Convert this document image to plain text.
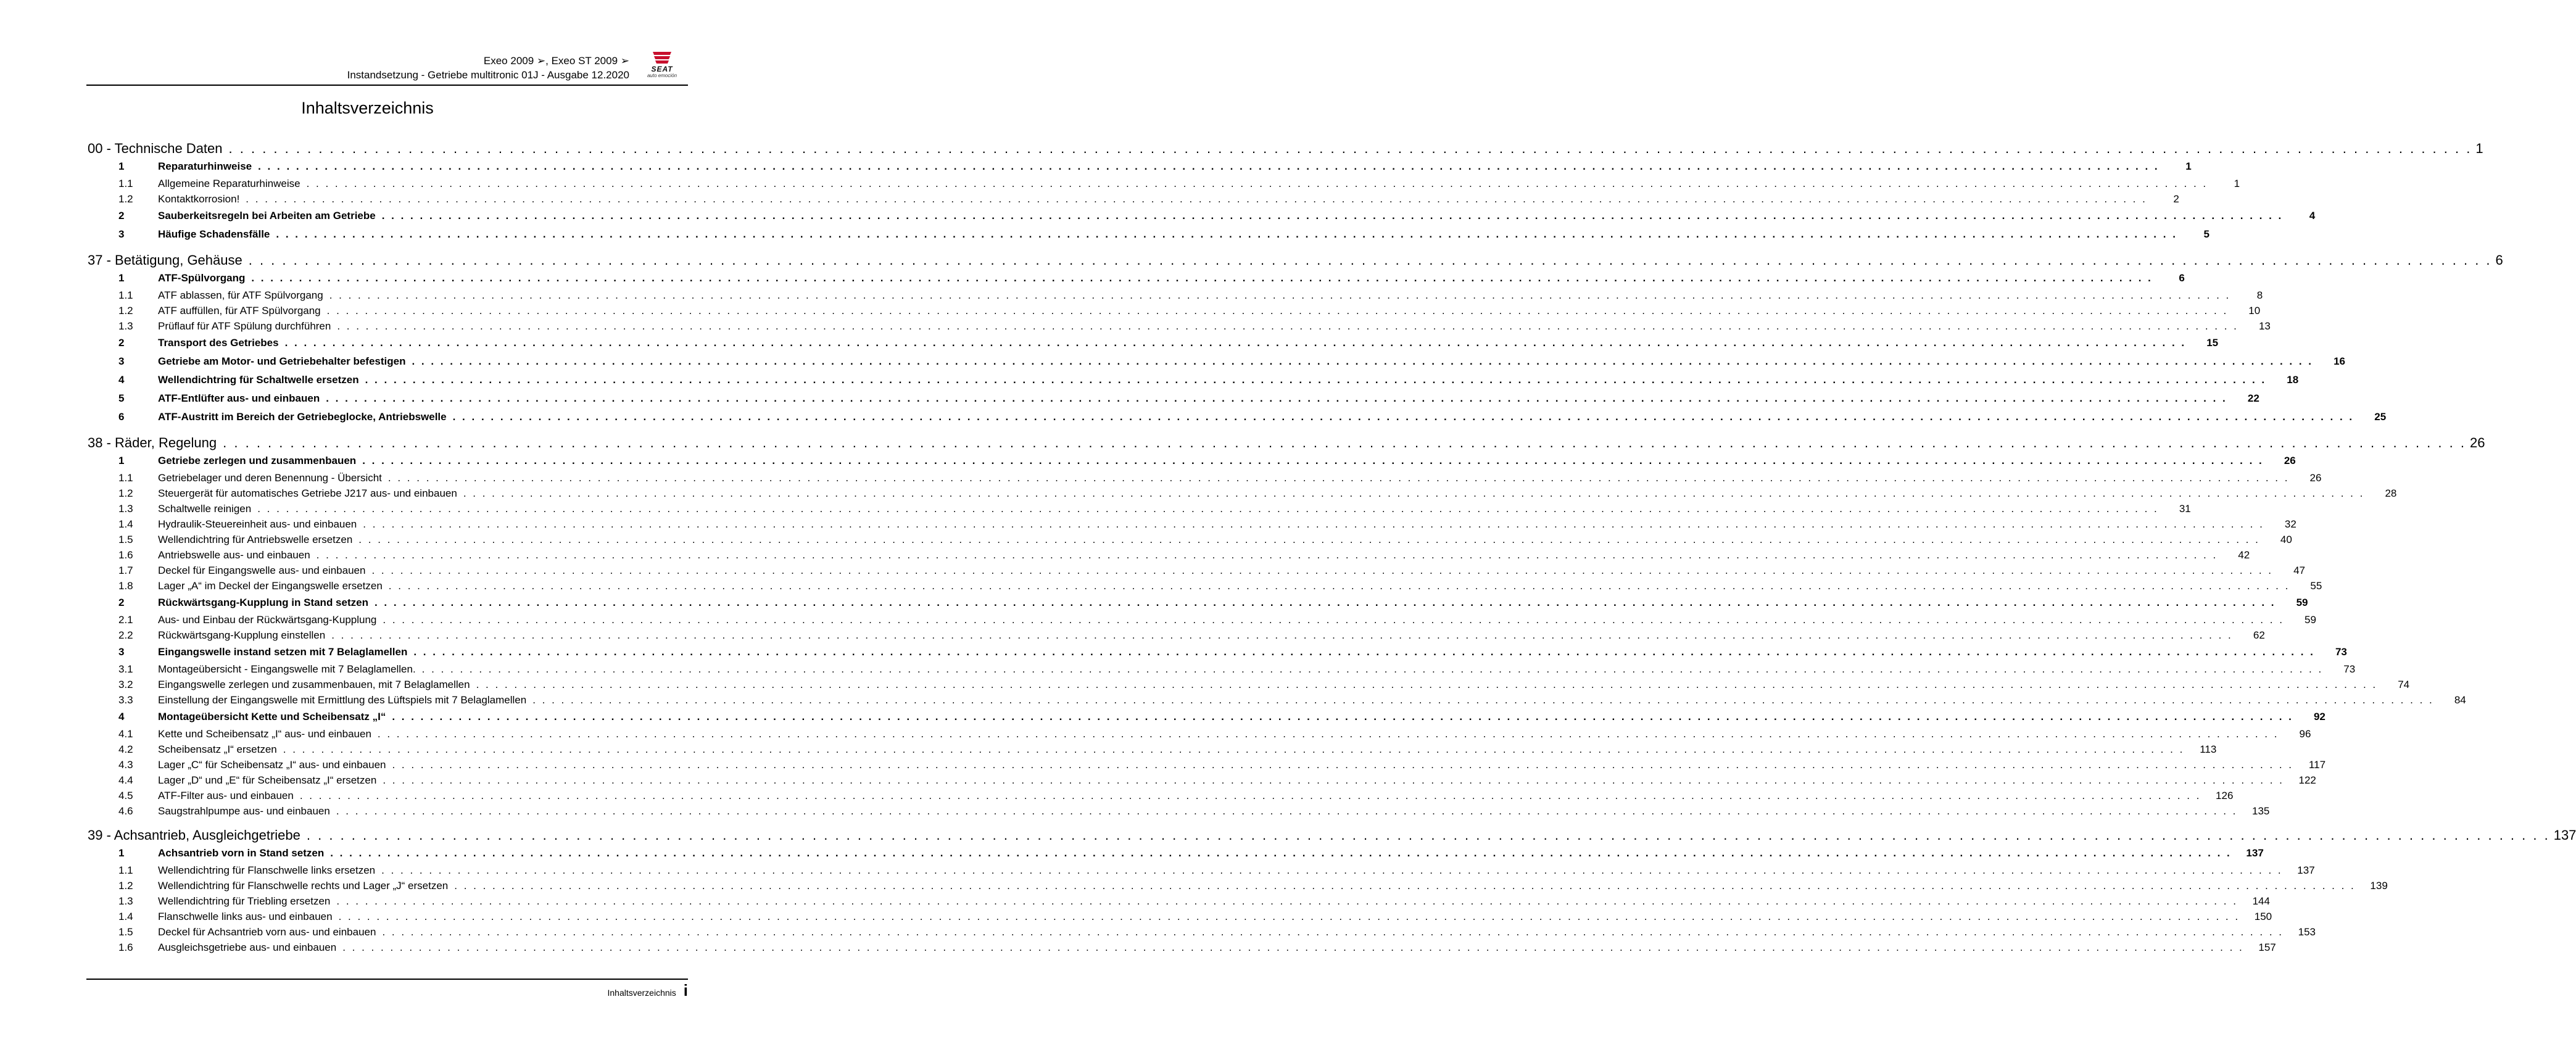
Exeo 2009 ➢, Exeo ST 2009 ➢
Instandsetzung - Getriebe multitronic 01J - Ausgabe 12.2020	SEAT
auto emoción
Inhaltsverzeichnis
00 - Technische Daten . . . . . . . . . . . . . . . . . . . . . . . . . . . . . . . . . . . . . . . . . . . . . . . . . . . . . . . . . . . . . . . . . . . . . . . . . . . . . . . . . . . . . . . . . . . . . . . . . . . . . . . . . . . . . . . . . . . . . . . . . . . . . . . . . . . . . . . . . . . . . . . . . . . . . . . . . . . . . . . . . . . . . . . . . . . . . . . . . . . . . . . . . . . . . . . . . . . . . . . . 1
1	Reparaturhinweise . . . . . . . . . . . . . . . . . . . . . . . . . . . . . . . . . . . . . . . . . . . . . . . . . . . . . . . . . . . . . . . . . . . . . . . . . . . . . . . . . . . . . . . . . . . . . . . . . . . . . . . . . . . . . . . . . . . . . . . . . . . . . . . . . . . . . . . . . . . . . . . . . . . . . . . . . . . . . . . . . . . . . . . . . . . . . . . . . . . . . . . . . . . . . . . . . . . . . . . .	1
1.1	Allgemeine Reparaturhinweise . . . . . . . . . . . . . . . . . . . . . . . . . . . . . . . . . . . . . . . . . . . . . . . . . . . . . . . . . . . . . . . . . . . . . . . . . . . . . . . . . . . . . . . . . . . . . . . . . . . . . . . . . . . . . . . . . . . . . . . . . . . . . . . . . . . . . . . . . . . . . . . . . . . . . . . . . . . . . . . . . . . . . . . . . . . . . . . . . . . . . . . . . . . . . . . . . . . . . . . .	1
1.2	Kontaktkorrosion! . . . . . . . . . . . . . . . . . . . . . . . . . . . . . . . . . . . . . . . . . . . . . . . . . . . . . . . . . . . . . . . . . . . . . . . . . . . . . . . . . . . . . . . . . . . . . . . . . . . . . . . . . . . . . . . . . . . . . . . . . . . . . . . . . . . . . . . . . . . . . . . . . . . . . . . . . . . . . . . . . . . . . . . . . . . . . . . . . . . . . . . . . . . . . . . . . . . . . . . .	2
2	Sauberkeitsregeln bei Arbeiten am Getriebe . . . . . . . . . . . . . . . . . . . . . . . . . . . . . . . . . . . . . . . . . . . . . . . . . . . . . . . . . . . . . . . . . . . . . . . . . . . . . . . . . . . . . . . . . . . . . . . . . . . . . . . . . . . . . . . . . . . . . . . . . . . . . . . . . . . . . . . . . . . . . . . . . . . . . . . . . . . . . . . . . . . . . . . . . . . . . . . . . . . . . . . . . . . . . . . . . . . . . . . .	4
3	Häufige Schadensfälle . . . . . . . . . . . . . . . . . . . . . . . . . . . . . . . . . . . . . . . . . . . . . . . . . . . . . . . . . . . . . . . . . . . . . . . . . . . . . . . . . . . . . . . . . . . . . . . . . . . . . . . . . . . . . . . . . . . . . . . . . . . . . . . . . . . . . . . . . . . . . . . . . . . . . . . . . . . . . . . . . . . . . . . . . . . . . . . . . . . . . . . . . . . . . . . . . . . . . . . .	5
37 - Betätigung, Gehäuse . . . . . . . . . . . . . . . . . . . . . . . . . . . . . . . . . . . . . . . . . . . . . . . . . . . . . . . . . . . . . . . . . . . . . . . . . . . . . . . . . . . . . . . . . . . . . . . . . . . . . . . . . . . . . . . . . . . . . . . . . . . . . . . . . . . . . . . . . . . . . . . . . . . . . . . . . . . . . . . . . . . . . . . . . . . . . . . . . . . . . . . . . . . . . . . . . . . . . . . . 6
1	ATF-Spülvorgang . . . . . . . . . . . . . . . . . . . . . . . . . . . . . . . . . . . . . . . . . . . . . . . . . . . . . . . . . . . . . . . . . . . . . . . . . . . . . . . . . . . . . . . . . . . . . . . . . . . . . . . . . . . . . . . . . . . . . . . . . . . . . . . . . . . . . . . . . . . . . . . . . . . . . . . . . . . . . . . . . . . . . . . . . . . . . . . . . . . . . . . . . . . . . . . . . . . . . . . .	6
1.1	ATF ablassen, für ATF Spülvorgang . . . . . . . . . . . . . . . . . . . . . . . . . . . . . . . . . . . . . . . . . . . . . . . . . . . . . . . . . . . . . . . . . . . . . . . . . . . . . . . . . . . . . . . . . . . . . . . . . . . . . . . . . . . . . . . . . . . . . . . . . . . . . . . . . . . . . . . . . . . . . . . . . . . . . . . . . . . . . . . . . . . . . . . . . . . . . . . . . . . . . . . . . . . . . . . . . . . . . . . .	8
1.2	ATF auffüllen, für ATF Spülvorgang . . . . . . . . . . . . . . . . . . . . . . . . . . . . . . . . . . . . . . . . . . . . . . . . . . . . . . . . . . . . . . . . . . . . . . . . . . . . . . . . . . . . . . . . . . . . . . . . . . . . . . . . . . . . . . . . . . . . . . . . . . . . . . . . . . . . . . . . . . . . . . . . . . . . . . . . . . . . . . . . . . . . . . . . . . . . . . . . . . . . . . . . . . . . . . . . . . . . . . . .	10
1.3	Prüflauf für ATF Spülung durchführen . . . . . . . . . . . . . . . . . . . . . . . . . . . . . . . . . . . . . . . . . . . . . . . . . . . . . . . . . . . . . . . . . . . . . . . . . . . . . . . . . . . . . . . . . . . . . . . . . . . . . . . . . . . . . . . . . . . . . . . . . . . . . . . . . . . . . . . . . . . . . . . . . . . . . . . . . . . . . . . . . . . . . . . . . . . . . . . . . . . . . . . . . . . . . . . . . . . . . . . .	13
2	Transport des Getriebes . . . . . . . . . . . . . . . . . . . . . . . . . . . . . . . . . . . . . . . . . . . . . . . . . . . . . . . . . . . . . . . . . . . . . . . . . . . . . . . . . . . . . . . . . . . . . . . . . . . . . . . . . . . . . . . . . . . . . . . . . . . . . . . . . . . . . . . . . . . . . . . . . . . . . . . . . . . . . . . . . . . . . . . . . . . . . . . . . . . . . . . . . . . . . . . . . . . . . . . .	15
3	Getriebe am Motor- und Getriebehalter befestigen . . . . . . . . . . . . . . . . . . . . . . . . . . . . . . . . . . . . . . . . . . . . . . . . . . . . . . . . . . . . . . . . . . . . . . . . . . . . . . . . . . . . . . . . . . . . . . . . . . . . . . . . . . . . . . . . . . . . . . . . . . . . . . . . . . . . . . . . . . . . . . . . . . . . . . . . . . . . . . . . . . . . . . . . . . . . . . . . . . . . . . . . . . . . . . . . . . . . . . . .	16
4	Wellendichtring für Schaltwelle ersetzen . . . . . . . . . . . . . . . . . . . . . . . . . . . . . . . . . . . . . . . . . . . . . . . . . . . . . . . . . . . . . . . . . . . . . . . . . . . . . . . . . . . . . . . . . . . . . . . . . . . . . . . . . . . . . . . . . . . . . . . . . . . . . . . . . . . . . . . . . . . . . . . . . . . . . . . . . . . . . . . . . . . . . . . . . . . . . . . . . . . . . . . . . . . . . . . . . . . . . . . .	18
5	ATF-Entlüfter aus- und einbauen . . . . . . . . . . . . . . . . . . . . . . . . . . . . . . . . . . . . . . . . . . . . . . . . . . . . . . . . . . . . . . . . . . . . . . . . . . . . . . . . . . . . . . . . . . . . . . . . . . . . . . . . . . . . . . . . . . . . . . . . . . . . . . . . . . . . . . . . . . . . . . . . . . . . . . . . . . . . . . . . . . . . . . . . . . . . . . . . . . . . . . . . . . . . . . . . . . . . . . . .	22
6	ATF-Austritt im Bereich der Getriebeglocke, Antriebswelle . . . . . . . . . . . . . . . . . . . . . . . . . . . . . . . . . . . . . . . . . . . . . . . . . . . . . . . . . . . . . . . . . . . . . . . . . . . . . . . . . . . . . . . . . . . . . . . . . . . . . . . . . . . . . . . . . . . . . . . . . . . . . . . . . . . . . . . . . . . . . . . . . . . . . . . . . . . . . . . . . . . . . . . . . . . . . . . . . . . . . . . . . . . . . . . . . . . . . . . .	25
38 - Räder, Regelung . . . . . . . . . . . . . . . . . . . . . . . . . . . . . . . . . . . . . . . . . . . . . . . . . . . . . . . . . . . . . . . . . . . . . . . . . . . . . . . . . . . . . . . . . . . . . . . . . . . . . . . . . . . . . . . . . . . . . . . . . . . . . . . . . . . . . . . . . . . . . . . . . . . . . . . . . . . . . . . . . . . . . . . . . . . . . . . . . . . . . . . . . . . . . . . . . . . . . . . . 26
1	Getriebe zerlegen und zusammenbauen . . . . . . . . . . . . . . . . . . . . . . . . . . . . . . . . . . . . . . . . . . . . . . . . . . . . . . . . . . . . . . . . . . . . . . . . . . . . . . . . . . . . . . . . . . . . . . . . . . . . . . . . . . . . . . . . . . . . . . . . . . . . . . . . . . . . . . . . . . . . . . . . . . . . . . . . . . . . . . . . . . . . . . . . . . . . . . . . . . . . . . . . . . . . . . . . . . . . . . . .	26
1.1	Getriebelager und deren Benennung - Übersicht . . . . . . . . . . . . . . . . . . . . . . . . . . . . . . . . . . . . . . . . . . . . . . . . . . . . . . . . . . . . . . . . . . . . . . . . . . . . . . . . . . . . . . . . . . . . . . . . . . . . . . . . . . . . . . . . . . . . . . . . . . . . . . . . . . . . . . . . . . . . . . . . . . . . . . . . . . . . . . . . . . . . . . . . . . . . . . . . . . . . . . . . . . . . . . . . . . . . . . . .	26
1.2	Steuergerät für automatisches Getriebe J217 aus- und einbauen . . . . . . . . . . . . . . . . . . . . . . . . . . . . . . . . . . . . . . . . . . . . . . . . . . . . . . . . . . . . . . . . . . . . . . . . . . . . . . . . . . . . . . . . . . . . . . . . . . . . . . . . . . . . . . . . . . . . . . . . . . . . . . . . . . . . . . . . . . . . . . . . . . . . . . . . . . . . . . . . . . . . . . . . . . . . . . . . . . . . . . . . . . . . . . . . . . . . . . . .	28
1.3	Schaltwelle reinigen . . . . . . . . . . . . . . . . . . . . . . . . . . . . . . . . . . . . . . . . . . . . . . . . . . . . . . . . . . . . . . . . . . . . . . . . . . . . . . . . . . . . . . . . . . . . . . . . . . . . . . . . . . . . . . . . . . . . . . . . . . . . . . . . . . . . . . . . . . . . . . . . . . . . . . . . . . . . . . . . . . . . . . . . . . . . . . . . . . . . . . . . . . . . . . . . . . . . . . . .	31
1.4	Hydraulik-Steuereinheit aus- und einbauen . . . . . . . . . . . . . . . . . . . . . . . . . . . . . . . . . . . . . . . . . . . . . . . . . . . . . . . . . . . . . . . . . . . . . . . . . . . . . . . . . . . . . . . . . . . . . . . . . . . . . . . . . . . . . . . . . . . . . . . . . . . . . . . . . . . . . . . . . . . . . . . . . . . . . . . . . . . . . . . . . . . . . . . . . . . . . . . . . . . . . . . . . . . . . . . . . . . . . . . .	32
1.5	Wellendichtring für Antriebswelle ersetzen . . . . . . . . . . . . . . . . . . . . . . . . . . . . . . . . . . . . . . . . . . . . . . . . . . . . . . . . . . . . . . . . . . . . . . . . . . . . . . . . . . . . . . . . . . . . . . . . . . . . . . . . . . . . . . . . . . . . . . . . . . . . . . . . . . . . . . . . . . . . . . . . . . . . . . . . . . . . . . . . . . . . . . . . . . . . . . . . . . . . . . . . . . . . . . . . . . . . . . . .	40
1.6	Antriebswelle aus- und einbauen . . . . . . . . . . . . . . . . . . . . . . . . . . . . . . . . . . . . . . . . . . . . . . . . . . . . . . . . . . . . . . . . . . . . . . . . . . . . . . . . . . . . . . . . . . . . . . . . . . . . . . . . . . . . . . . . . . . . . . . . . . . . . . . . . . . . . . . . . . . . . . . . . . . . . . . . . . . . . . . . . . . . . . . . . . . . . . . . . . . . . . . . . . . . . . . . . . . . . . . .	42
1.7	Deckel für Eingangswelle aus- und einbauen . . . . . . . . . . . . . . . . . . . . . . . . . . . . . . . . . . . . . . . . . . . . . . . . . . . . . . . . . . . . . . . . . . . . . . . . . . . . . . . . . . . . . . . . . . . . . . . . . . . . . . . . . . . . . . . . . . . . . . . . . . . . . . . . . . . . . . . . . . . . . . . . . . . . . . . . . . . . . . . . . . . . . . . . . . . . . . . . . . . . . . . . . . . . . . . . . . . . . . . .	47
1.8	Lager „A“ im Deckel der Eingangswelle ersetzen . . . . . . . . . . . . . . . . . . . . . . . . . . . . . . . . . . . . . . . . . . . . . . . . . . . . . . . . . . . . . . . . . . . . . . . . . . . . . . . . . . . . . . . . . . . . . . . . . . . . . . . . . . . . . . . . . . . . . . . . . . . . . . . . . . . . . . . . . . . . . . . . . . . . . . . . . . . . . . . . . . . . . . . . . . . . . . . . . . . . . . . . . . . . . . . . . . . . . . . .	55
2	Rückwärtsgang-Kupplung in Stand setzen . . . . . . . . . . . . . . . . . . . . . . . . . . . . . . . . . . . . . . . . . . . . . . . . . . . . . . . . . . . . . . . . . . . . . . . . . . . . . . . . . . . . . . . . . . . . . . . . . . . . . . . . . . . . . . . . . . . . . . . . . . . . . . . . . . . . . . . . . . . . . . . . . . . . . . . . . . . . . . . . . . . . . . . . . . . . . . . . . . . . . . . . . . . . . . . . . . . . . . . .	59
2.1	Aus- und Einbau der Rückwärtsgang-Kupplung . . . . . . . . . . . . . . . . . . . . . . . . . . . . . . . . . . . . . . . . . . . . . . . . . . . . . . . . . . . . . . . . . . . . . . . . . . . . . . . . . . . . . . . . . . . . . . . . . . . . . . . . . . . . . . . . . . . . . . . . . . . . . . . . . . . . . . . . . . . . . . . . . . . . . . . . . . . . . . . . . . . . . . . . . . . . . . . . . . . . . . . . . . . . . . . . . . . . . . . .	59
2.2	Rückwärtsgang-Kupplung einstellen . . . . . . . . . . . . . . . . . . . . . . . . . . . . . . . . . . . . . . . . . . . . . . . . . . . . . . . . . . . . . . . . . . . . . . . . . . . . . . . . . . . . . . . . . . . . . . . . . . . . . . . . . . . . . . . . . . . . . . . . . . . . . . . . . . . . . . . . . . . . . . . . . . . . . . . . . . . . . . . . . . . . . . . . . . . . . . . . . . . . . . . . . . . . . . . . . . . . . . . .	62
3	Eingangswelle instand setzen mit 7 Belaglamellen . . . . . . . . . . . . . . . . . . . . . . . . . . . . . . . . . . . . . . . . . . . . . . . . . . . . . . . . . . . . . . . . . . . . . . . . . . . . . . . . . . . . . . . . . . . . . . . . . . . . . . . . . . . . . . . . . . . . . . . . . . . . . . . . . . . . . . . . . . . . . . . . . . . . . . . . . . . . . . . . . . . . . . . . . . . . . . . . . . . . . . . . . . . . . . . . . . . . . . . .	73
3.1	Montageübersicht - Eingangswelle mit 7 Belaglamellen. . . . . . . . . . . . . . . . . . . . . . . . . . . . . . . . . . . . . . . . . . . . . . . . . . . . . . . . . . . . . . . . . . . . . . . . . . . . . . . . . . . . . . . . . . . . . . . . . . . . . . . . . . . . . . . . . . . . . . . . . . . . . . . . . . . . . . . . . . . . . . . . . . . . . . . . . . . . . . . . . . . . . . . . . . . . . . . . . . . . . . . . . . . . . . . . . . . . . . . . .	73
3.2	Eingangswelle zerlegen und zusammenbauen, mit 7 Belaglamellen . . . . . . . . . . . . . . . . . . . . . . . . . . . . . . . . . . . . . . . . . . . . . . . . . . . . . . . . . . . . . . . . . . . . . . . . . . . . . . . . . . . . . . . . . . . . . . . . . . . . . . . . . . . . . . . . . . . . . . . . . . . . . . . . . . . . . . . . . . . . . . . . . . . . . . . . . . . . . . . . . . . . . . . . . . . . . . . . . . . . . . . . . . . . . . . . . . . . . . . .	74
3.3	Einstellung der Eingangswelle mit Ermittlung des Lüftspiels mit 7 Belaglamellen . . . . . . . . . . . . . . . . . . . . . . . . . . . . . . . . . . . . . . . . . . . . . . . . . . . . . . . . . . . . . . . . . . . . . . . . . . . . . . . . . . . . . . . . . . . . . . . . . . . . . . . . . . . . . . . . . . . . . . . . . . . . . . . . . . . . . . . . . . . . . . . . . . . . . . . . . . . . . . . . . . . . . . . . . . . . . . . . . . . . . . . . . . . . . . . . . . . . . . . .	84
4	Montageübersicht Kette und Scheibensatz „I“ . . . . . . . . . . . . . . . . . . . . . . . . . . . . . . . . . . . . . . . . . . . . . . . . . . . . . . . . . . . . . . . . . . . . . . . . . . . . . . . . . . . . . . . . . . . . . . . . . . . . . . . . . . . . . . . . . . . . . . . . . . . . . . . . . . . . . . . . . . . . . . . . . . . . . . . . . . . . . . . . . . . . . . . . . . . . . . . . . . . . . . . . . . . . . . . . . . . . . . . .	92
4.1	Kette und Scheibensatz „I“ aus- und einbauen . . . . . . . . . . . . . . . . . . . . . . . . . . . . . . . . . . . . . . . . . . . . . . . . . . . . . . . . . . . . . . . . . . . . . . . . . . . . . . . . . . . . . . . . . . . . . . . . . . . . . . . . . . . . . . . . . . . . . . . . . . . . . . . . . . . . . . . . . . . . . . . . . . . . . . . . . . . . . . . . . . . . . . . . . . . . . . . . . . . . . . . . . . . . . . . . . . . . . . . .	96
4.2	Scheibensatz „I“ ersetzen . . . . . . . . . . . . . . . . . . . . . . . . . . . . . . . . . . . . . . . . . . . . . . . . . . . . . . . . . . . . . . . . . . . . . . . . . . . . . . . . . . . . . . . . . . . . . . . . . . . . . . . . . . . . . . . . . . . . . . . . . . . . . . . . . . . . . . . . . . . . . . . . . . . . . . . . . . . . . . . . . . . . . . . . . . . . . . . . . . . . . . . . . . . . . . . . . . . . . . . .	113
4.3	Lager „C“ für Scheibensatz „I“ aus- und einbauen . . . . . . . . . . . . . . . . . . . . . . . . . . . . . . . . . . . . . . . . . . . . . . . . . . . . . . . . . . . . . . . . . . . . . . . . . . . . . . . . . . . . . . . . . . . . . . . . . . . . . . . . . . . . . . . . . . . . . . . . . . . . . . . . . . . . . . . . . . . . . . . . . . . . . . . . . . . . . . . . . . . . . . . . . . . . . . . . . . . . . . . . . . . . . . . . . . . . . . . .	117
4.4	Lager „D“ und „E“ für Scheibensatz „I“ ersetzen . . . . . . . . . . . . . . . . . . . . . . . . . . . . . . . . . . . . . . . . . . . . . . . . . . . . . . . . . . . . . . . . . . . . . . . . . . . . . . . . . . . . . . . . . . . . . . . . . . . . . . . . . . . . . . . . . . . . . . . . . . . . . . . . . . . . . . . . . . . . . . . . . . . . . . . . . . . . . . . . . . . . . . . . . . . . . . . . . . . . . . . . . . . . . . . . . . . . . . . .	122
4.5	ATF-Filter aus- und einbauen . . . . . . . . . . . . . . . . . . . . . . . . . . . . . . . . . . . . . . . . . . . . . . . . . . . . . . . . . . . . . . . . . . . . . . . . . . . . . . . . . . . . . . . . . . . . . . . . . . . . . . . . . . . . . . . . . . . . . . . . . . . . . . . . . . . . . . . . . . . . . . . . . . . . . . . . . . . . . . . . . . . . . . . . . . . . . . . . . . . . . . . . . . . . . . . . . . . . . . . .	126
4.6	Saugstrahlpumpe aus- und einbauen . . . . . . . . . . . . . . . . . . . . . . . . . . . . . . . . . . . . . . . . . . . . . . . . . . . . . . . . . . . . . . . . . . . . . . . . . . . . . . . . . . . . . . . . . . . . . . . . . . . . . . . . . . . . . . . . . . . . . . . . . . . . . . . . . . . . . . . . . . . . . . . . . . . . . . . . . . . . . . . . . . . . . . . . . . . . . . . . . . . . . . . . . . . . . . . . . . . . . . . .	135
39 - Achsantrieb, Ausgleichgetriebe . . . . . . . . . . . . . . . . . . . . . . . . . . . . . . . . . . . . . . . . . . . . . . . . . . . . . . . . . . . . . . . . . . . . . . . . . . . . . . . . . . . . . . . . . . . . . . . . . . . . . . . . . . . . . . . . . . . . . . . . . . . . . . . . . . . . . . . . . . . . . . . . . . . . . . . . . . . . . . . . . . . . . . . . . . . . . . . . . . . . . . . . . . . . . . . . . . . . . . . . 137
1	Achsantrieb vorn in Stand setzen . . . . . . . . . . . . . . . . . . . . . . . . . . . . . . . . . . . . . . . . . . . . . . . . . . . . . . . . . . . . . . . . . . . . . . . . . . . . . . . . . . . . . . . . . . . . . . . . . . . . . . . . . . . . . . . . . . . . . . . . . . . . . . . . . . . . . . . . . . . . . . . . . . . . . . . . . . . . . . . . . . . . . . . . . . . . . . . . . . . . . . . . . . . . . . . . . . . . . . . .	137
1.1	Wellendichtring für Flanschwelle links ersetzen . . . . . . . . . . . . . . . . . . . . . . . . . . . . . . . . . . . . . . . . . . . . . . . . . . . . . . . . . . . . . . . . . . . . . . . . . . . . . . . . . . . . . . . . . . . . . . . . . . . . . . . . . . . . . . . . . . . . . . . . . . . . . . . . . . . . . . . . . . . . . . . . . . . . . . . . . . . . . . . . . . . . . . . . . . . . . . . . . . . . . . . . . . . . . . . . . . . . . . . .	137
1.2	Wellendichtring für Flanschwelle rechts und Lager „J“ ersetzen . . . . . . . . . . . . . . . . . . . . . . . . . . . . . . . . . . . . . . . . . . . . . . . . . . . . . . . . . . . . . . . . . . . . . . . . . . . . . . . . . . . . . . . . . . . . . . . . . . . . . . . . . . . . . . . . . . . . . . . . . . . . . . . . . . . . . . . . . . . . . . . . . . . . . . . . . . . . . . . . . . . . . . . . . . . . . . . . . . . . . . . . . . . . . . . . . . . . . . . .	139
1.3	Wellendichtring für Triebling ersetzen . . . . . . . . . . . . . . . . . . . . . . . . . . . . . . . . . . . . . . . . . . . . . . . . . . . . . . . . . . . . . . . . . . . . . . . . . . . . . . . . . . . . . . . . . . . . . . . . . . . . . . . . . . . . . . . . . . . . . . . . . . . . . . . . . . . . . . . . . . . . . . . . . . . . . . . . . . . . . . . . . . . . . . . . . . . . . . . . . . . . . . . . . . . . . . . . . . . . . . . .	144
1.4	Flanschwelle links aus- und einbauen . . . . . . . . . . . . . . . . . . . . . . . . . . . . . . . . . . . . . . . . . . . . . . . . . . . . . . . . . . . . . . . . . . . . . . . . . . . . . . . . . . . . . . . . . . . . . . . . . . . . . . . . . . . . . . . . . . . . . . . . . . . . . . . . . . . . . . . . . . . . . . . . . . . . . . . . . . . . . . . . . . . . . . . . . . . . . . . . . . . . . . . . . . . . . . . . . . . . . . . .	150
1.5	Deckel für Achsantrieb vorn aus- und einbauen . . . . . . . . . . . . . . . . . . . . . . . . . . . . . . . . . . . . . . . . . . . . . . . . . . . . . . . . . . . . . . . . . . . . . . . . . . . . . . . . . . . . . . . . . . . . . . . . . . . . . . . . . . . . . . . . . . . . . . . . . . . . . . . . . . . . . . . . . . . . . . . . . . . . . . . . . . . . . . . . . . . . . . . . . . . . . . . . . . . . . . . . . . . . . . . . . . . . . . . .	153
1.6	Ausgleichsgetriebe aus- und einbauen . . . . . . . . . . . . . . . . . . . . . . . . . . . . . . . . . . . . . . . . . . . . . . . . . . . . . . . . . . . . . . . . . . . . . . . . . . . . . . . . . . . . . . . . . . . . . . . . . . . . . . . . . . . . . . . . . . . . . . . . . . . . . . . . . . . . . . . . . . . . . . . . . . . . . . . . . . . . . . . . . . . . . . . . . . . . . . . . . . . . . . . . . . . . . . . . . . . . . . . .	157
Inhaltsverzeichnis i
